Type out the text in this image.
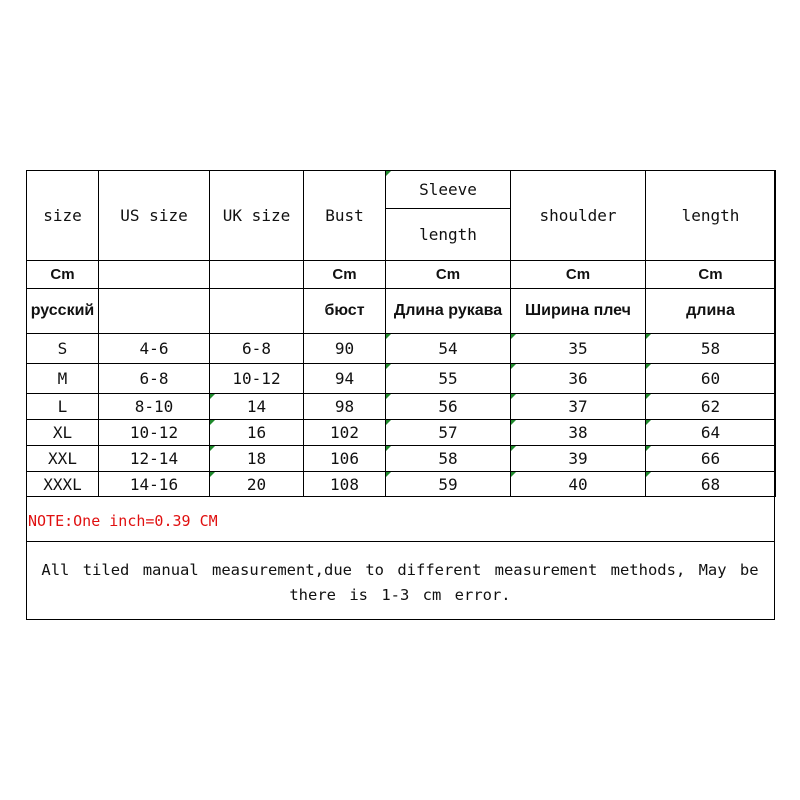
size	US size	UK size	Bust	Sleeve	shoulder	length
				length		
Cm			Cm	Cm	Cm	Cm
русский			бюст	Длина рукава	Ширина плеч	длина
S	4-6	6-8	90	54	35	58
M	6-8	10-12	94	55	36	60
L	8-10	14	98	56	37	62
XL	10-12	16	102	57	38	64
XXL	12-14	18	106	58	39	66
XXXL	14-16	20	108	59	40	68
NOTE:One inch=0.39 CM
All tiled manual measurement,due to different measurement methods, May be
there is 1-3 cm error.
